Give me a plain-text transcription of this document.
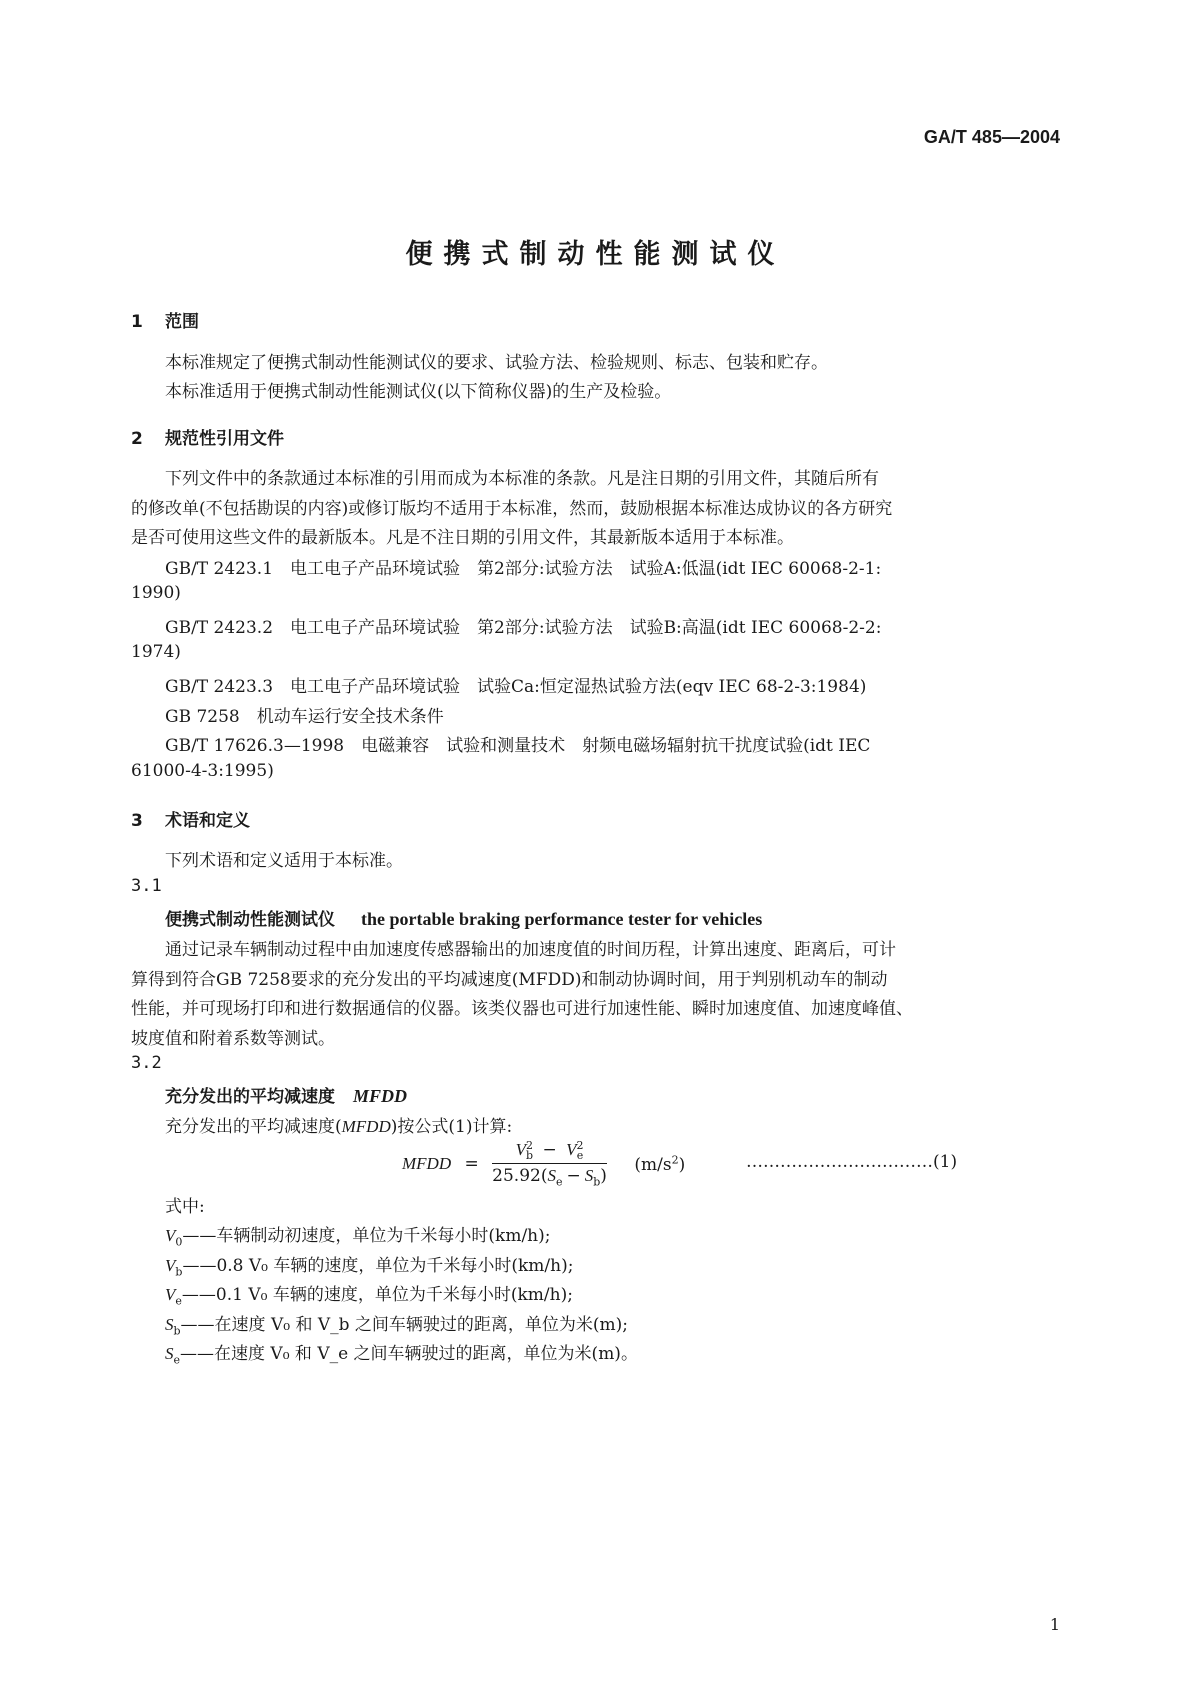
GA/T 485—2004
便携式制动性能测试仪
1 范围
本标准规定了便携式制动性能测试仪的要求、试验方法、检验规则、标志、包装和贮存。
本标准适用于便携式制动性能测试仪(以下简称仪器)的生产及检验。
2 规范性引用文件
下列文件中的条款通过本标准的引用而成为本标准的条款。凡是注日期的引用文件，其随后所有
的修改单(不包括勘误的内容)或修订版均不适用于本标准，然而，鼓励根据本标准达成协议的各方研究
是否可使用这些文件的最新版本。凡是不注日期的引用文件，其最新版本适用于本标准。
GB/T 2423.1　电工电子产品环境试验　第2部分:试验方法　试验A:低温(idt IEC 60068-2-1:
1990)
GB/T 2423.2　电工电子产品环境试验　第2部分:试验方法　试验B:高温(idt IEC 60068-2-2:
1974)
GB/T 2423.3　电工电子产品环境试验　试验Ca:恒定湿热试验方法(eqv IEC 68-2-3:1984)
GB 7258　机动车运行安全技术条件
GB/T 17626.3—1998　电磁兼容　试验和测量技术　射频电磁场辐射抗干扰度试验(idt IEC
61000-4-3:1995)
3 术语和定义
下列术语和定义适用于本标准。
3.1
便携式制动性能测试仪 the portable braking performance tester for vehicles
通过记录车辆制动过程中由加速度传感器输出的加速度值的时间历程，计算出速度、距离后，可计
算得到符合GB 7258要求的充分发出的平均减速度(MFDD)和制动协调时间，用于判别机动车的制动
性能，并可现场打印和进行数据通信的仪器。该类仪器也可进行加速性能、瞬时加速度值、加速度峰值、
坡度值和附着系数等测试。
3.2
充分发出的平均减速度 MFDD
充分发出的平均减速度(MFDD)按公式(1)计算:
MFDD = V 2
b − V 2
e
$25.92(S_e - S_b)$ $(m/s^2)$	……………………………(1)
式中:
$V_0——$车辆制动初速度，单位为千米每小时(km/h);
$V_b——0.8$ V₀ 车辆的速度，单位为千米每小时(km/h);
$V_e——0.1$ V₀ 车辆的速度，单位为千米每小时(km/h);
$S_b——$在速度 V₀ 和 V_b 之间车辆驶过的距离，单位为米(m);
$S_e——$在速度 V₀ 和 V_e 之间车辆驶过的距离，单位为米(m)。
1
